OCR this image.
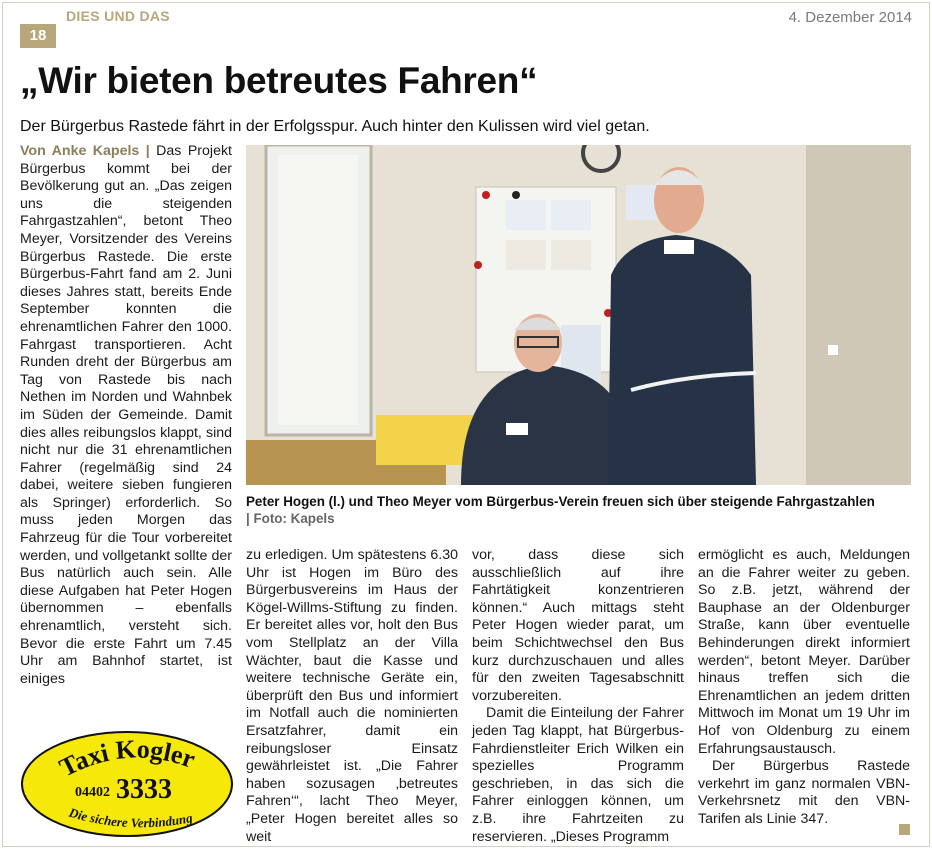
18
DIES UND DAS	4. Dezember 2014
„Wir bieten betreutes Fahren“

Der Bürgerbus Rastede fährt in der Erfolgsspur. Auch hinter den Kulissen wird viel getan.

Von Anke Kapels | Das Projekt Bürgerbus kommt bei der Bevölkerung gut an. „Das zeigen uns die steigenden Fahrgastzahlen“, betont Theo Meyer, Vorsitzender des Vereins Bürgerbus Rastede. Die erste Bürgerbus-Fahrt fand am 2. Juni dieses Jahres statt, bereits Ende September konnten die ehrenamtlichen Fahrer den 1000. Fahrgast transportieren. Acht Runden dreht der Bürgerbus am Tag von Rastede bis nach Nethen im Norden und Wahnbek im Süden der Gemeinde. Damit dies alles reibungslos klappt, sind nicht nur die 31 ehrenamtlichen Fahrer (regelmäßig sind 24 dabei, weitere sieben fungieren als Springer) erforderlich. So muss jeden Morgen das Fahrzeug für die Tour vorbereitet werden, und vollgetankt sollte der Bus natürlich auch sein. Alle diese Aufgaben hat Peter Hogen übernommen – ebenfalls ehrenamtlich, versteht sich. Bevor die erste Fahrt um 7.45 Uhr am Bahnhof startet, ist einiges

Peter Hogen (l.) und Theo Meyer vom Bürgerbus-Verein freuen sich über steigende Fahrgastzahlen
| Foto: Kapels

zu erledigen. Um spätestens 6.30 Uhr ist Hogen im Büro des Bürgerbusvereins im Haus der Kögel-Willms-Stiftung zu finden. Er bereitet alles vor, holt den Bus vom Stellplatz an der Villa Wächter, baut die Kasse und weitere technische Geräte ein, überprüft den Bus und informiert im Notfall auch die nominierten Ersatzfahrer, damit ein reibungsloser Einsatz gewährleistet ist. „Die Fahrer haben sozusagen ‚betreutes Fahren‘“, lacht Theo Meyer, „Peter Hogen bereitet alles so weit

vor, dass diese sich ausschließlich auf ihre Fahrtätigkeit konzentrieren können.“ Auch mittags steht Peter Hogen wieder parat, um beim Schichtwechsel den Bus kurz durchzuschauen und alles für den zweiten Tagesabschnitt vorzubereiten.

Damit die Einteilung der Fahrer jeden Tag klappt, hat Bürgerbus-Fahrdienstleiter Erich Wilken ein spezielles Programm geschrieben, in das sich die Fahrer einloggen können, um z.B. ihre Fahrtzeiten zu reservieren. „Dieses Programm

ermöglicht es auch, Meldungen an die Fahrer weiter zu geben. So z.B. jetzt, während der Bauphase an der Oldenburger Straße, kann über eventuelle Behinderungen direkt informiert werden“, betont Meyer. Darüber hinaus treffen sich die Ehrenamtlichen an jedem dritten Mittwoch im Monat um 19 Uhr im Hof von Oldenburg zu einem Erfahrungsaustausch.

Der Bürgerbus Rastede verkehrt im ganz normalen VBN-Verkehrsnetz mit den VBN-Tarifen als Linie 347.

Taxi Kogler
04402 3333
Die sichere Verbindung
